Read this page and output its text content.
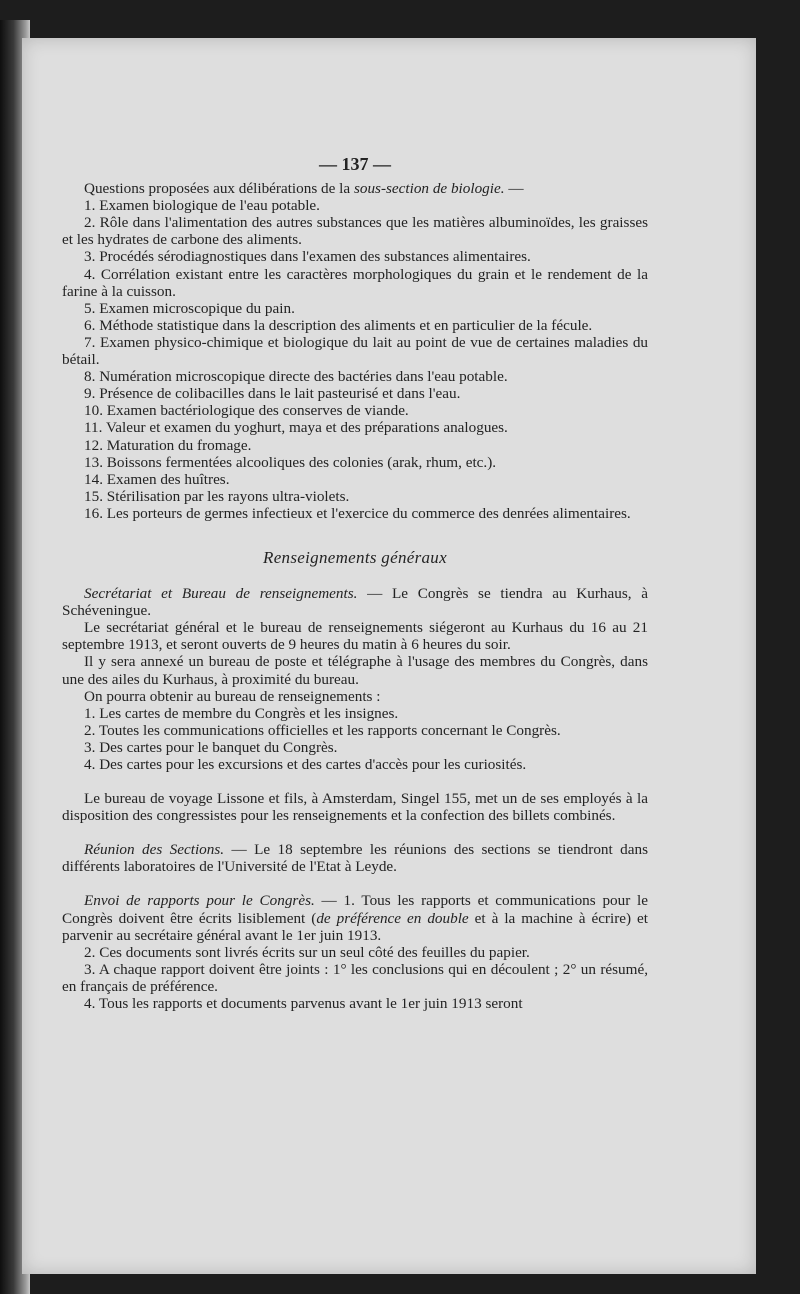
— 137 —

Questions proposées aux délibérations de la sous-section de biologie. —

1. Examen biologique de l'eau potable.

2. Rôle dans l'alimentation des autres substances que les matières albuminoïdes, les graisses et les hydrates de carbone des aliments.

3. Procédés sérodiagnostiques dans l'examen des substances alimentaires.

4. Corrélation existant entre les caractères morphologiques du grain et le rendement de la farine à la cuisson.

5. Examen microscopique du pain.

6. Méthode statistique dans la description des aliments et en particulier de la fécule.

7. Examen physico-chimique et biologique du lait au point de vue de certaines maladies du bétail.

8. Numération microscopique directe des bactéries dans l'eau potable.

9. Présence de colibacilles dans le lait pasteurisé et dans l'eau.

10. Examen bactériologique des conserves de viande.

11. Valeur et examen du yoghurt, maya et des préparations analogues.

12. Maturation du fromage.

13. Boissons fermentées alcooliques des colonies (arak, rhum, etc.).

14. Examen des huîtres.

15. Stérilisation par les rayons ultra-violets.

16. Les porteurs de germes infectieux et l'exercice du commerce des denrées alimentaires.

Renseignements généraux

Secrétariat et Bureau de renseignements. — Le Congrès se tiendra au Kurhaus, à Schéveningue.

Le secrétariat général et le bureau de renseignements siégeront au Kurhaus du 16 au 21 septembre 1913, et seront ouverts de 9 heures du matin à 6 heures du soir.

Il y sera annexé un bureau de poste et télégraphe à l'usage des membres du Congrès, dans une des ailes du Kurhaus, à proximité du bureau.

On pourra obtenir au bureau de renseignements :

1. Les cartes de membre du Congrès et les insignes.

2. Toutes les communications officielles et les rapports concernant le Congrès.

3. Des cartes pour le banquet du Congrès.

4. Des cartes pour les excursions et des cartes d'accès pour les curiosités.

Le bureau de voyage Lissone et fils, à Amsterdam, Singel 155, met un de ses employés à la disposition des congressistes pour les renseignements et la confection des billets combinés.

Réunion des Sections. — Le 18 septembre les réunions des sections se tiendront dans différents laboratoires de l'Université de l'Etat à Leyde.

Envoi de rapports pour le Congrès. — 1. Tous les rapports et communications pour le Congrès doivent être écrits lisiblement (de préférence en double et à la machine à écrire) et parvenir au secrétaire général avant le 1er juin 1913.

2. Ces documents sont livrés écrits sur un seul côté des feuilles du papier.

3. A chaque rapport doivent être joints : 1° les conclusions qui en découlent ; 2° un résumé, en français de préférence.

4. Tous les rapports et documents parvenus avant le 1er juin 1913 seront
